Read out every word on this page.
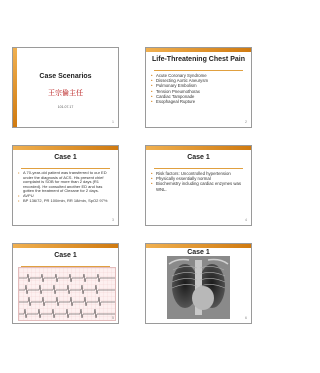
Case Scenarios
王宗倫主任
101.07.17
1
Life-Threatening Chest Pain
• Acute Coronary Syndrome
• Dissecting Aortic Aneurysm
• Pulmonary Embolism
• Tension Pneumothorax
• Cardiac Tamponade
• Esophageal Rupture
2
Case 1
• A 70-year-old patient was transferred to our ED under the diagnosis of ACS. His present chief complaint is SOB for more than 2 days (R1 recorded). He consulted another ED and has gotten the treatment of Clexane for 2 days.
• AVPU
• BP 136/72, PR 100/min, RR 18/min, SpO2 97%
3
Case 1
• Risk factors: Uncontrolled hypertension
• Physically essentially normal
• Biochemistry including cardiac enzymes was WNL.
4
Case 1
5
Case 1
6
